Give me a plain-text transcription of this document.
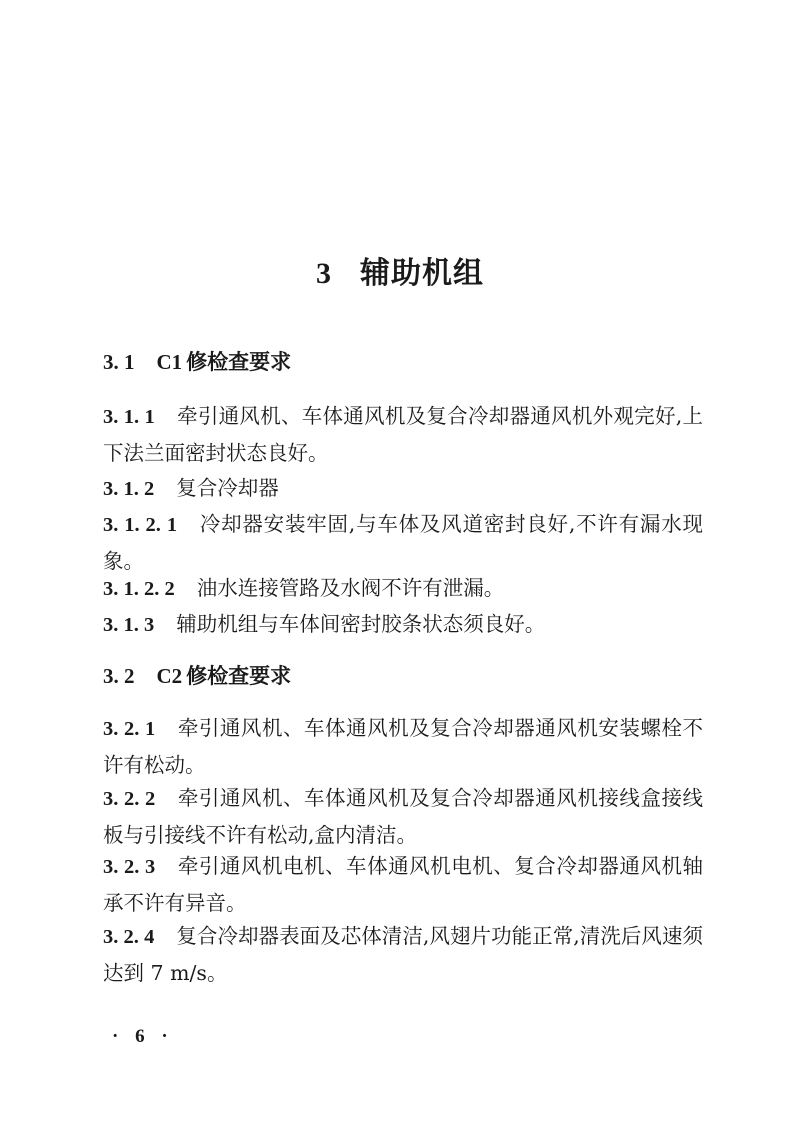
3 辅助机组
3. 1 C1 修检查要求
3. 1. 1 牵引通风机、车体通风机及复合冷却器通风机外观完好,上下法兰面密封状态良好。
3. 1. 2 复合冷却器
3. 1. 2. 1 冷却器安装牢固,与车体及风道密封良好,不许有漏水现象。
3. 1. 2. 2 油水连接管路及水阀不许有泄漏。
3. 1. 3 辅助机组与车体间密封胶条状态须良好。
3. 2 C2 修检查要求
3. 2. 1 牵引通风机、车体通风机及复合冷却器通风机安装螺栓不许有松动。
3. 2. 2 牵引通风机、车体通风机及复合冷却器通风机接线盒接线板与引接线不许有松动,盒内清洁。
3. 2. 3 牵引通风机电机、车体通风机电机、复合冷却器通风机轴承不许有异音。
3. 2. 4 复合冷却器表面及芯体清洁,风翅片功能正常,清洗后风速须达到 7 m/s。
· 6 ·
